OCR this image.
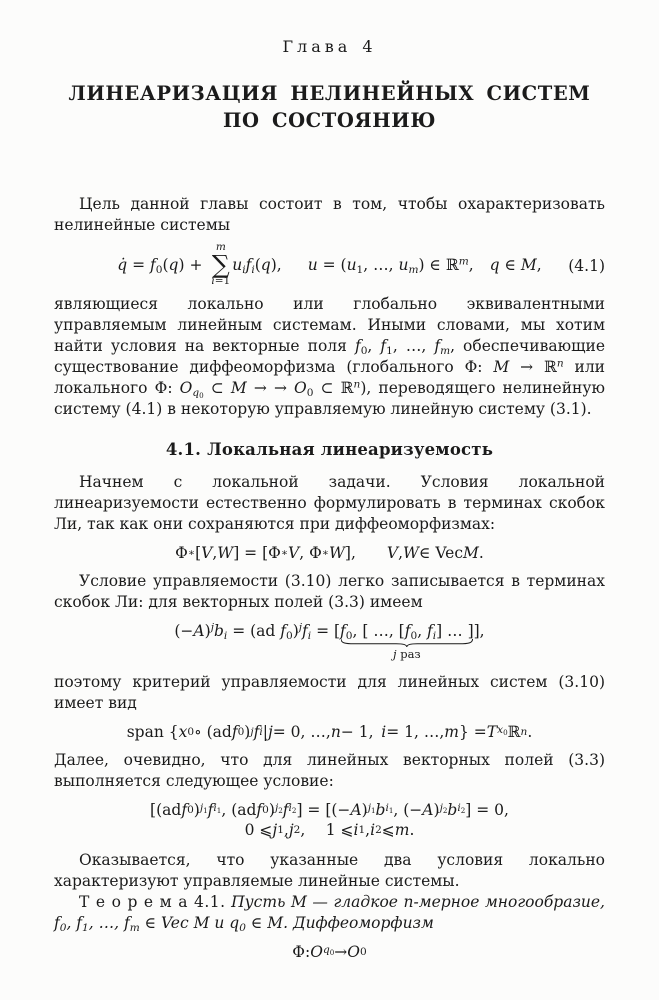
Глава 4
ЛИНЕАРИЗАЦИЯ НЕЛИНЕЙНЫХ СИСТЕМ
ПО СОСТОЯНИЮ

Цель данной главы состоит в том, чтобы охарактеризовать нелинейные системы

q̇ = $f_0(q)$ +
m
∑
i=1
$u_if_i(q)$, $u = (u_1$, …, $u_m$) ∈ ℝ$^m$, q ∈ M, (4.1)

являющиеся локально или глобально эквивалентными управляемым линейным системам. Иными словами, мы хотим найти условия на векторные поля $f_0$, $f_1$, …, $f_m$, обеспечивающие существование диффеоморфизма (глобального Φ: M → ℝ$^n$ или локального Φ: $O_{q_0}$ ⊂ M → → $O_0$ ⊂ ℝ$^n$), переводящего нелинейную систему (4.1) в некоторую управляемую линейную систему (3.1).

4.1. Локальная линеаризуемость

Начнем с локальной задачи. Условия локальной линеаризуемости естественно формулировать в терминах скобок Ли, так как они сохраняются при диффеоморфизмах:

Φ ∗ [ V , W ] = [Φ ∗ V , Φ ∗ W ],   V , W ∈ Vec M .

Условие управляемости (3.10) легко записывается в терминах скобок Ли: для векторных полей (3.3) имеем

$(-A)^jb_i = (ad$ $f_0)^jf_i$ = [ $f_0$, [ …, [$f_0$, $f_i$] … ]
j раз
],

поэтому критерий управляемости для линейных систем (3.10) имеет вид

span { x 0 ∘ (ad f 0 ) j f i | j = 0, …, n − 1,  i = 1, …, m } = T $x_0$ ℝ n .

Далее, очевидно, что для линейных векторных полей (3.3) выполняется следующее условие:

[(ad f 0 ) $j_1$ f $i_1$ , (ad f 0 ) $j_2$ f $i_2$ ] = [(− A ) $j_1$ b $i_1$ , (− A ) $j_2$ b $i_2$ ] = 0,
0 ⩽ j 1 , j 2 ,  1 ⩽ i 1 , i 2 ⩽ m .

Оказывается, что указанные два условия локально характеризуют управляемые линейные системы.

Т е о р е м а 4.1. Пусть M — гладкое n-мерное многообразие, $f_0$, $f_1$, …, $f_m$ ∈ Vec M и $q_0$ ∈ M. Диффеоморфизм

Φ: O $q_0 \to O$ 0
